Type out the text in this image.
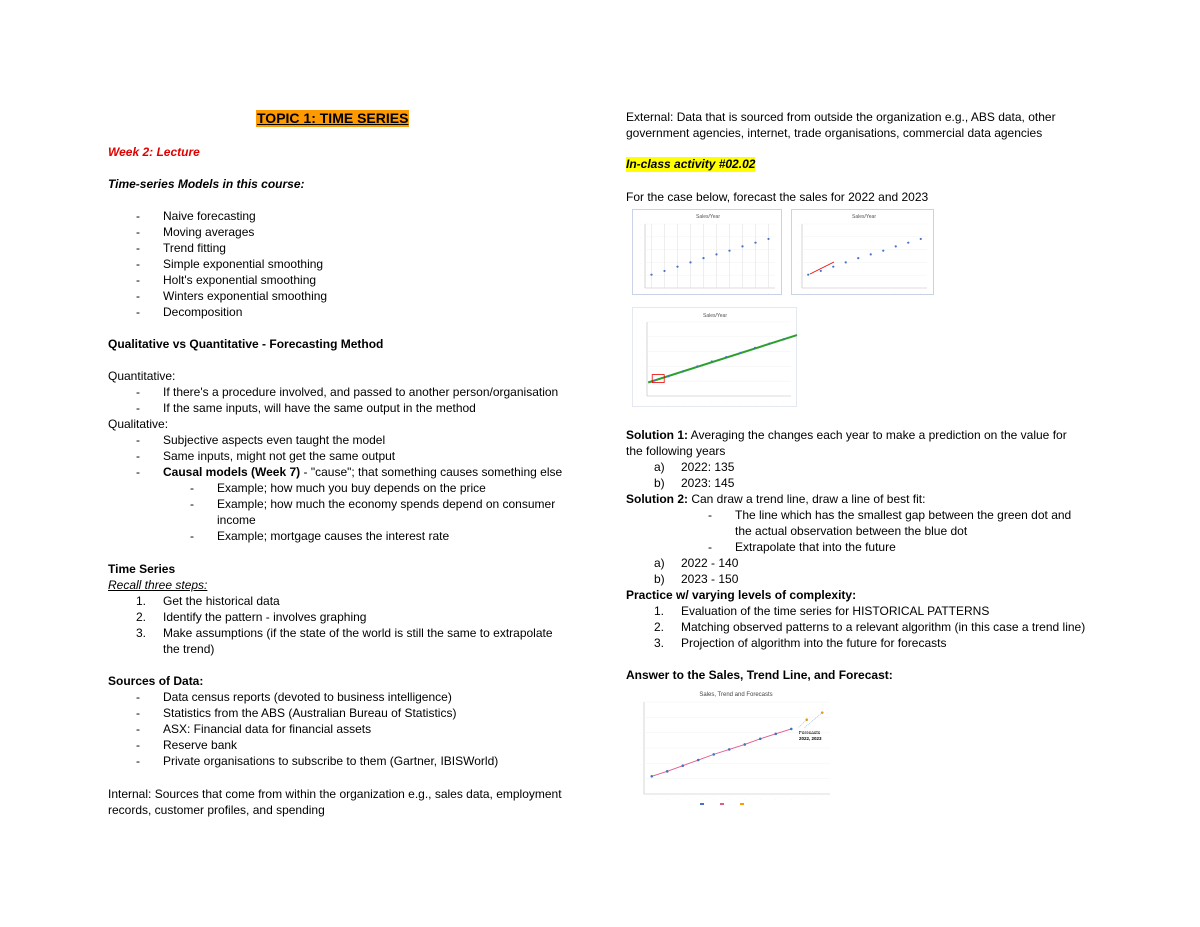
TOPIC 1: TIME SERIES
Week 2: Lecture
Time-series Models in this course:
- Naive forecasting
- Moving averages
- Trend fitting
- Simple exponential smoothing
- Holt's exponential smoothing
- Winters exponential smoothing
- Decomposition
Qualitative vs Quantitative - Forecasting Method
Quantitative:
- If there's a procedure involved, and passed to another person/organisation
- If the same inputs, will have the same output in the method
Qualitative:
- Subjective aspects even taught the model
- Same inputs, might not get the same output
- Causal models (Week 7) - "cause"; that something causes something else
- Example; how much you buy depends on the price
- Example; how much the economy spends depend on consumer
income
- Example; mortgage causes the interest rate
Time Series
Recall three steps:
1. Get the historical data
2. Identify the pattern - involves graphing
3. Make assumptions (if the state of the world is still the same to extrapolate
the trend)
Sources of Data:
- Data census reports (devoted to business intelligence)
- Statistics from the ABS (Australian Bureau of Statistics)
- ASX: Financial data for financial assets
- Reserve bank
- Private organisations to subscribe to them (Gartner, IBISWorld)
Internal: Sources that come from within the organization e.g., sales data, employment
records, customer profiles, and spending
External: Data that is sourced from outside the organization e.g., ABS data, other
government agencies, internet, trade organisations, commercial data agencies
In-class activity #02.02
For the case below, forecast the sales for 2022 and 2023
Sales/Year
·
·
·
·
·
·	·	·	·	·	·	·	·	·	·
Sales/Year
·
·
·
·
·
·	·	·	·	·	·	·	·	·	·
Sales/Year
·
·
·
·
·
·	·	·	·	·	·	·	·	·	·
Solution 1: Averaging the changes each year to make a prediction on the value for
the following years
a) 2022: 135
b) 2023: 145
Solution 2: Can draw a trend line, draw a line of best fit:
- The line which has the smallest gap between the green dot and
the actual observation between the blue dot
- Extrapolate that into the future
a) 2022 - 140
b) 2023 - 150
Practice w/ varying levels of complexity:
1. Evaluation of the time series for HISTORICAL PATTERNS
2. Matching observed patterns to a relevant algorithm (in this case a trend line)
3. Projection of algorithm into the future for forecasts
Answer to the Sales, Trend Line, and Forecast:
Sales, Trend and Forecasts
Forecasts
2022, 2023
·
·
·
·
·
·
·	·	·	·	·	·	·	·	·	·	·	·
